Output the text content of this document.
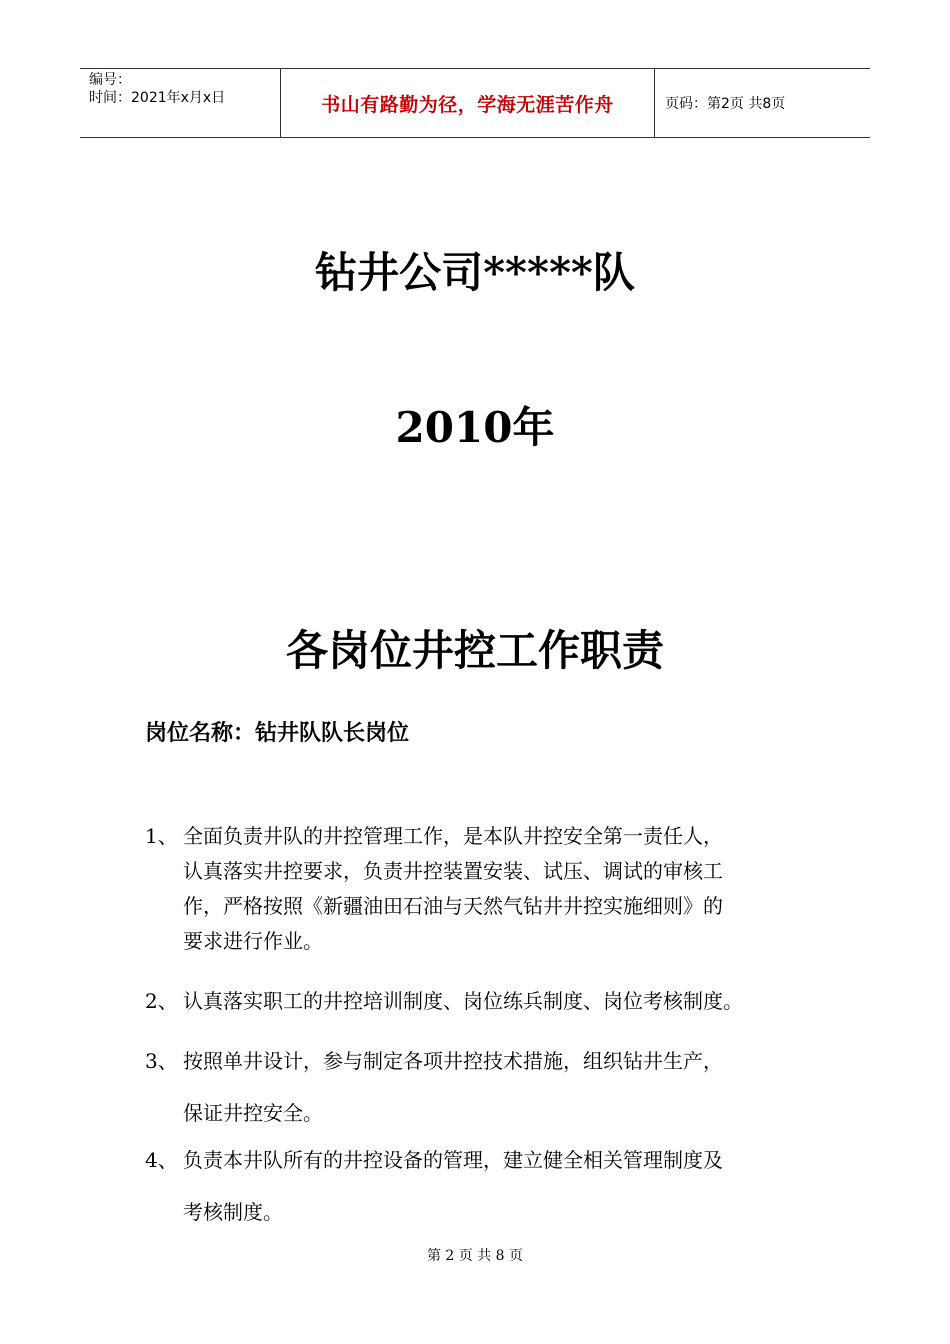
编号：
时间：2021年x月x日	书山有路勤为径，学海无涯苦作舟	页码：第2页 共8页
钻井公司*****队
2010年
各岗位井控工作职责
岗位名称：钻井队队长岗位
1、 全面负责井队的井控管理工作，是本队井控安全第一责任人，
认真落实井控要求，负责井控装置安装、试压、调试的审核工
作，严格按照《新疆油田石油与天然气钻井井控实施细则》的
要求进行作业。
2、 认真落实职工的井控培训制度、岗位练兵制度、岗位考核制度。
3、 按照单井设计，参与制定各项井控技术措施，组织钻井生产，
保证井控安全。
4、 负责本井队所有的井控设备的管理，建立健全相关管理制度及
考核制度。
第 2 页 共 8 页
